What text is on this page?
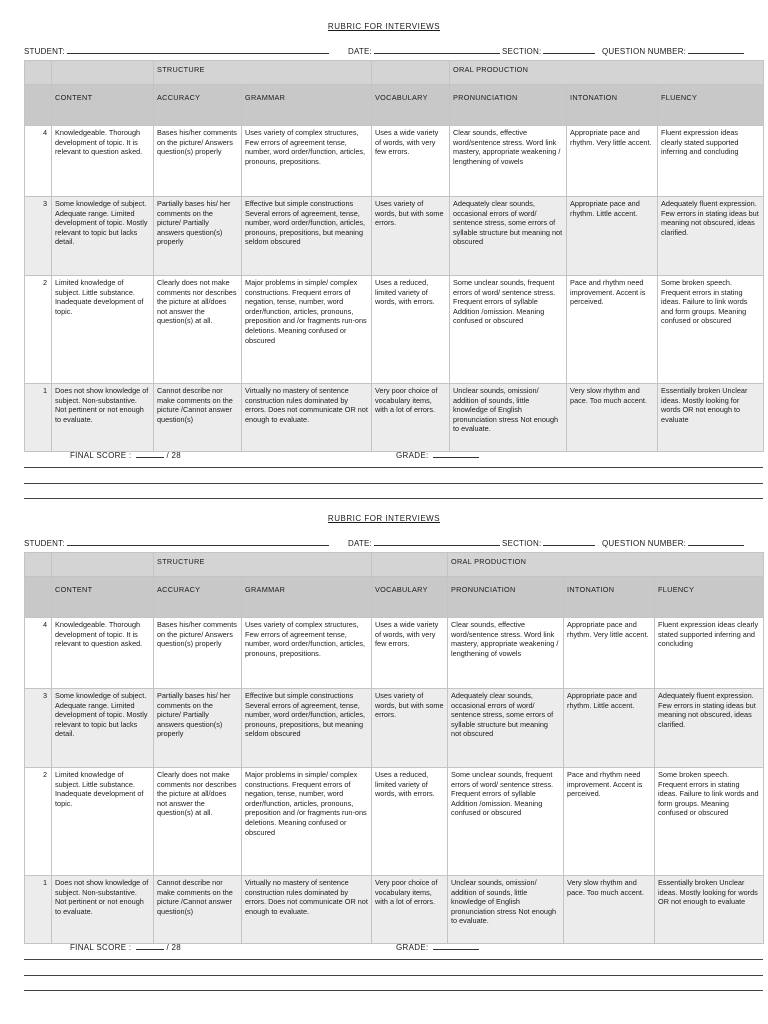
RUBRIC FOR INTERVIEWS
STUDENT:	DATE:	SECTION:	QUESTION NUMBER:
		STRUCTURE			ORAL PRODUCTION		
	CONTENT	ACCURACY	GRAMMAR	VOCABULARY	PRONUNCIATION	INTONATION	FLUENCY
4	Knowledgeable. Thorough development of topic. It is relevant to question asked.	Bases his/her comments on the picture/ Answers question(s) properly	Uses variety of complex structures, Few errors of agreement tense, number, word order/function, articles, pronouns, prepositions.	Uses a wide variety of words, with very few errors.	Clear sounds, effective word/sentence stress. Word link mastery, appropriate weakening / lengthening of vowels	Appropriate pace and rhythm. Very little accent.	Fluent expression ideas clearly stated supported inferring and concluding
3	Some knowledge of subject. Adequate range. Limited development of topic. Mostly relevant to topic but lacks detail.	Partially bases his/ her comments on the picture/ Partially answers question(s) properly	Effective but simple constructions Several errors of agreement, tense, number, word order/function, articles, pronouns, prepositions, but meaning seldom obscured	Uses variety of words, but with some errors.	Adequately clear sounds, occasional errors of word/ sentence stress, some errors of syllable structure but meaning not obscured	Appropriate pace and rhythm. Little accent.	Adequately fluent expression. Few errors in stating ideas but meaning not obscured, ideas clarified.
2	Limited knowledge of subject. Little substance. Inadequate development of topic.	Clearly does not make comments nor describes the picture at all/does not answer the question(s) at all.	Major problems in simple/ complex constructions. Frequent errors of negation, tense, number, word order/function, articles, pronouns, preposition and /or fragments run-ons deletions. Meaning confused or obscured	Uses a reduced, limited variety of words, with errors.	Some unclear sounds, frequent errors of word/ sentence stress. Frequent errors of syllable Addition /omission. Meaning confused or obscured	Pace and rhythm need improvement. Accent is perceived.	Some broken speech. Frequent errors in stating ideas. Failure to link words and form groups. Meaning confused or obscured
1	Does not show knowledge of subject. Non-substantive. Not pertinent or not enough to evaluate.	Cannot describe nor make comments on the picture /Cannot answer question(s)	Virtually no mastery of sentence construction rules dominated by errors. Does not communicate OR not enough to evaluate.	Very poor choice of vocabulary items, with a lot of errors.	Unclear sounds, omission/ addition of sounds, little knowledge of English pronunciation stress Not enough to evaluate.	Very slow rhythm and pace. Too much accent.	Essentially broken Unclear ideas. Mostly looking for words OR not enough to evaluate
FINAL SCORE :	/ 28	GRADE:
RUBRIC FOR INTERVIEWS
STUDENT:	DATE:	SECTION:	QUESTION NUMBER:
		STRUCTURE			ORAL PRODUCTION		
	CONTENT	ACCURACY	GRAMMAR	VOCABULARY	PRONUNCIATION	INTONATION	FLUENCY
4	Knowledgeable. Thorough development of topic. It is relevant to question asked.	Bases his/her comments on the picture/ Answers question(s) properly	Uses variety of complex structures, Few errors of agreement tense, number, word order/function, articles, pronouns, prepositions.	Uses a wide variety of words, with very few errors.	Clear sounds, effective word/sentence stress. Word link mastery, appropriate weakening / lengthening of vowels	Appropriate pace and rhythm. Very little accent.	Fluent expression ideas clearly stated supported inferring and concluding
3	Some knowledge of subject. Adequate range. Limited development of topic. Mostly relevant to topic but lacks detail.	Partially bases his/ her comments on the picture/ Partially answers question(s) properly	Effective but simple constructions Several errors of agreement, tense, number, word order/function, articles, pronouns, prepositions, but meaning seldom obscured	Uses variety of words, but with some errors.	Adequately clear sounds, occasional errors of word/ sentence stress, some errors of syllable structure but meaning not obscured	Appropriate pace and rhythm. Little accent.	Adequately fluent expression. Few errors in stating ideas but meaning not obscured, ideas clarified.
2	Limited knowledge of subject. Little substance. Inadequate development of topic.	Clearly does not make comments nor describes the picture at all/does not answer the question(s) at all.	Major problems in simple/ complex constructions. Frequent errors of negation, tense, number, word order/function, articles, pronouns, preposition and /or fragments run-ons deletions. Meaning confused or obscured	Uses a reduced, limited variety of words, with errors.	Some unclear sounds, frequent errors of word/ sentence stress. Frequent errors of syllable Addition /omission. Meaning confused or obscured	Pace and rhythm need improvement. Accent is perceived.	Some broken speech. Frequent errors in stating ideas. Failure to link words and form groups. Meaning confused or obscured
1	Does not show knowledge of subject. Non-substantive. Not pertinent or not enough to evaluate.	Cannot describe nor make comments on the picture /Cannot answer question(s)	Virtually no mastery of sentence construction rules dominated by errors. Does not communicate OR not enough to evaluate.	Very poor choice of vocabulary items, with a lot of errors.	Unclear sounds, omission/ addition of sounds, little knowledge of English pronunciation stress Not enough to evaluate.	Very slow rhythm and pace. Too much accent.	Essentially broken Unclear ideas. Mostly looking for words OR not enough to evaluate
FINAL SCORE :	/ 28	GRADE:
